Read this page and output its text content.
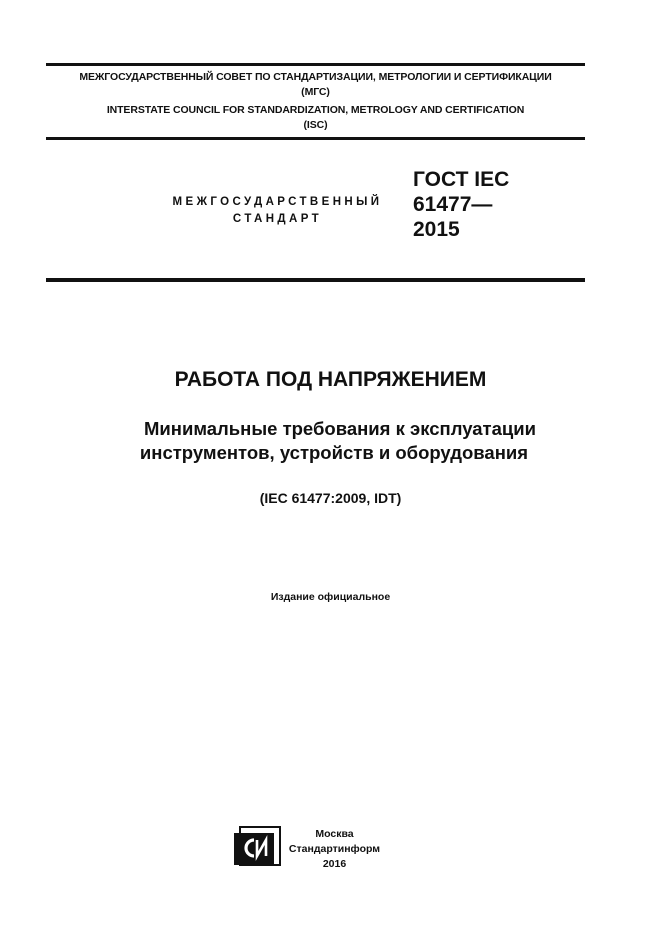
МЕЖГОСУДАРСТВЕННЫЙ СОВЕТ ПО СТАНДАРТИЗАЦИИ, МЕТРОЛОГИИ И СЕРТИФИКАЦИИ
(МГС)
INTERSTATE COUNCIL FOR STANDARDIZATION, METROLOGY AND CERTIFICATION
(ISC)
МЕЖГОСУДАРСТВЕННЫЙ
СТАНДАРТ
ГОСТ IEC
61477—
2015
РАБОТА ПОД НАПРЯЖЕНИЕМ
Минимальные требования к эксплуатации
инструментов, устройств и оборудования
(IEC 61477:2009, IDT)
Издание официальное
Москва
Стандартинформ
2016
